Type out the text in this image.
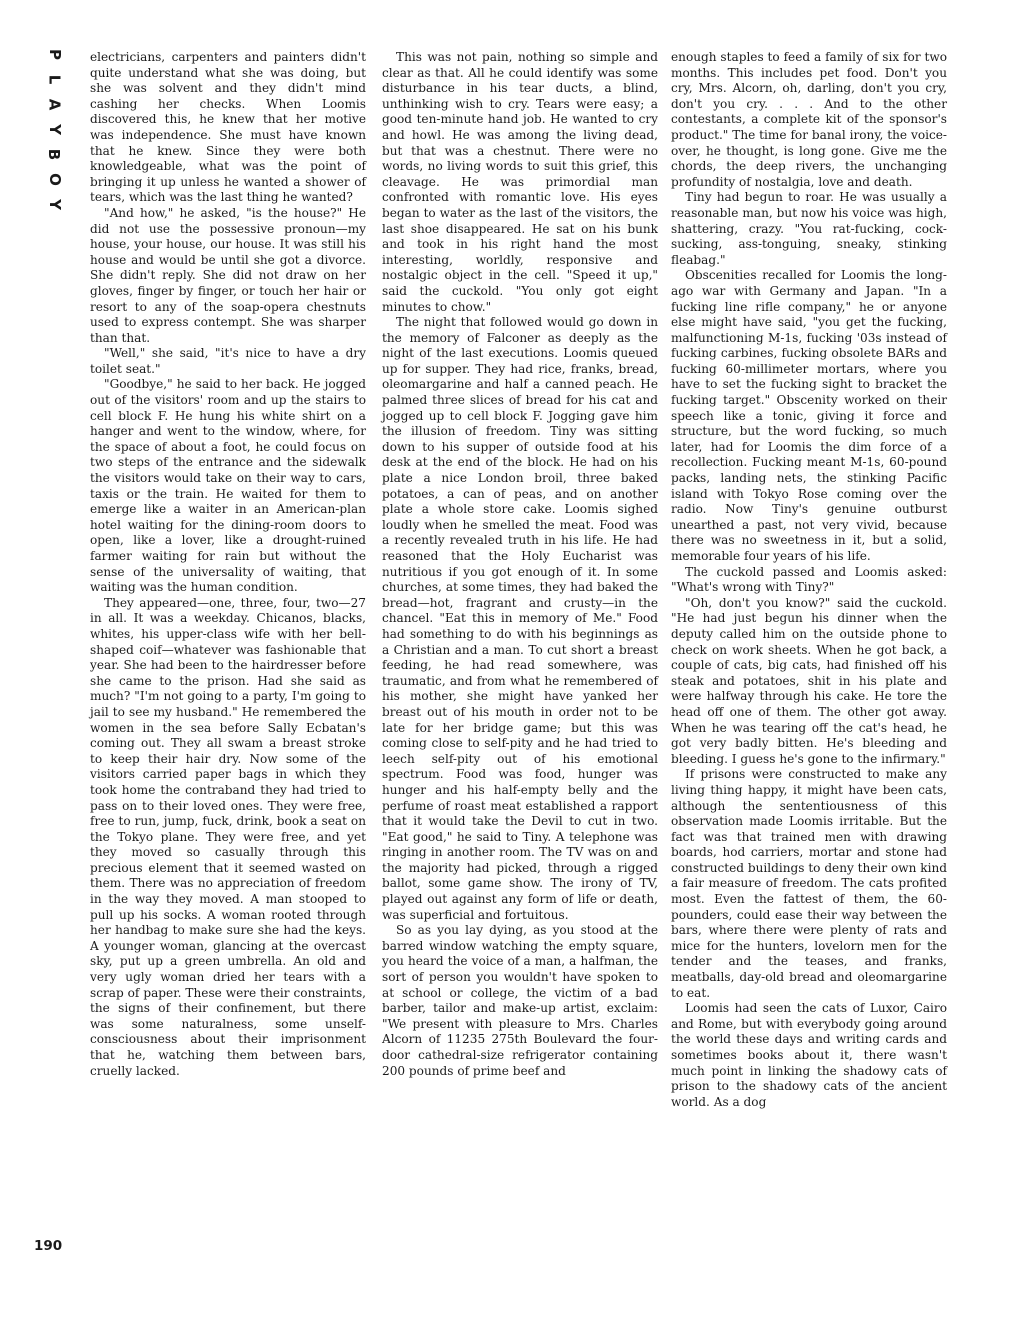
P
L
A
Y
B
O
Y
190

electricians, carpenters and painters didn't quite understand what she was doing, but she was solvent and they didn't mind cashing her checks. When Loomis discovered this, he knew that her motive was independence. She must have known that he knew. Since they were both knowledgeable, what was the point of bringing it up unless he wanted a shower of tears, which was the last thing he wanted?

"And how," he asked, "is the house?" He did not use the possessive pronoun—my house, your house, our house. It was still his house and would be until she got a divorce. She didn't reply. She did not draw on her gloves, finger by finger, or touch her hair or resort to any of the soap-opera chestnuts used to express contempt. She was sharper than that.

"Well," she said, "it's nice to have a dry toilet seat."

"Goodbye," he said to her back. He jogged out of the visitors' room and up the stairs to cell block F. He hung his white shirt on a hanger and went to the window, where, for the space of about a foot, he could focus on two steps of the entrance and the sidewalk the visitors would take on their way to cars, taxis or the train. He waited for them to emerge like a waiter in an American-plan hotel waiting for the dining-room doors to open, like a lover, like a drought-ruined farmer waiting for rain but without the sense of the universality of waiting, that waiting was the human condition.

They appeared—one, three, four, two—27 in all. It was a weekday. Chicanos, blacks, whites, his upper-class wife with her bell-shaped coif—whatever was fashionable that year. She had been to the hairdresser before she came to the prison. Had she said as much? "I'm not going to a party, I'm going to jail to see my husband." He remembered the women in the sea before Sally Ecbatan's coming out. They all swam a breast stroke to keep their hair dry. Now some of the visitors carried paper bags in which they took home the contraband they had tried to pass on to their loved ones. They were free, free to run, jump, fuck, drink, book a seat on the Tokyo plane. They were free, and yet they moved so casually through this precious element that it seemed wasted on them. There was no appreciation of freedom in the way they moved. A man stooped to pull up his socks. A woman rooted through her handbag to make sure she had the keys. A younger woman, glancing at the overcast sky, put up a green umbrella. An old and very ugly woman dried her tears with a scrap of paper. These were their constraints, the signs of their confinement, but there was some naturalness, some unself-consciousness about their imprisonment that he, watching them between bars, cruelly lacked.

This was not pain, nothing so simple and clear as that. All he could identify was some disturbance in his tear ducts, a blind, unthinking wish to cry. Tears were easy; a good ten-minute hand job. He wanted to cry and howl. He was among the living dead, but that was a chestnut. There were no words, no living words to suit this grief, this cleavage. He was primordial man confronted with romantic love. His eyes began to water as the last of the visitors, the last shoe disappeared. He sat on his bunk and took in his right hand the most interesting, worldly, responsive and nostalgic object in the cell. "Speed it up," said the cuckold. "You only got eight minutes to chow."

The night that followed would go down in the memory of Falconer as deeply as the night of the last executions. Loomis queued up for supper. They had rice, franks, bread, oleomargarine and half a canned peach. He palmed three slices of bread for his cat and jogged up to cell block F. Jogging gave him the illusion of freedom. Tiny was sitting down to his supper of outside food at his desk at the end of the block. He had on his plate a nice London broil, three baked potatoes, a can of peas, and on another plate a whole store cake. Loomis sighed loudly when he smelled the meat. Food was a recently revealed truth in his life. He had reasoned that the Holy Eucharist was nutritious if you got enough of it. In some churches, at some times, they had baked the bread—hot, fragrant and crusty—in the chancel. "Eat this in memory of Me." Food had something to do with his beginnings as a Christian and a man. To cut short a breast feeding, he had read somewhere, was traumatic, and from what he remembered of his mother, she might have yanked her breast out of his mouth in order not to be late for her bridge game; but this was coming close to self-pity and he had tried to leech self-pity out of his emotional spectrum. Food was food, hunger was hunger and his half-empty belly and the perfume of roast meat established a rapport that it would take the Devil to cut in two. "Eat good," he said to Tiny. A telephone was ringing in another room. The TV was on and the majority had picked, through a rigged ballot, some game show. The irony of TV, played out against any form of life or death, was superficial and fortuitous.

So as you lay dying, as you stood at the barred window watching the empty square, you heard the voice of a man, a halfman, the sort of person you wouldn't have spoken to at school or college, the victim of a bad barber, tailor and make-up artist, exclaim: "We present with pleasure to Mrs. Charles Alcorn of 11235 275th Boulevard the four-door cathedral-size refrigerator containing 200 pounds of prime beef and

enough staples to feed a family of six for two months. This includes pet food. Don't you cry, Mrs. Alcorn, oh, darling, don't you cry, don't you cry. . . . And to the other contestants, a complete kit of the sponsor's product." The time for banal irony, the voice-over, he thought, is long gone. Give me the chords, the deep rivers, the unchanging profundity of nostalgia, love and death.

Tiny had begun to roar. He was usually a reasonable man, but now his voice was high, shattering, crazy. "You rat-fucking, cock-sucking, ass-tonguing, sneaky, stinking fleabag."

Obscenities recalled for Loomis the long-ago war with Germany and Japan. "In a fucking line rifle company," he or anyone else might have said, "you get the fucking, malfunctioning M-1s, fucking '03s instead of fucking carbines, fucking obsolete BARs and fucking 60-millimeter mortars, where you have to set the fucking sight to bracket the fucking target." Obscenity worked on their speech like a tonic, giving it force and structure, but the word fucking, so much later, had for Loomis the dim force of a recollection. Fucking meant M-1s, 60-pound packs, landing nets, the stinking Pacific island with Tokyo Rose coming over the radio. Now Tiny's genuine outburst unearthed a past, not very vivid, because there was no sweetness in it, but a solid, memorable four years of his life.

The cuckold passed and Loomis asked: "What's wrong with Tiny?"

"Oh, don't you know?" said the cuckold. "He had just begun his dinner when the deputy called him on the outside phone to check on work sheets. When he got back, a couple of cats, big cats, had finished off his steak and potatoes, shit in his plate and were halfway through his cake. He tore the head off one of them. The other got away. When he was tearing off the cat's head, he got very badly bitten. He's bleeding and bleeding. I guess he's gone to the infirmary."

If prisons were constructed to make any living thing happy, it might have been cats, although the sententiousness of this observation made Loomis irritable. But the fact was that trained men with drawing boards, hod carriers, mortar and stone had constructed buildings to deny their own kind a fair measure of freedom. The cats profited most. Even the fattest of them, the 60-pounders, could ease their way between the bars, where there were plenty of rats and mice for the hunters, lovelorn men for the tender and the teases, and franks, meatballs, day-old bread and oleomargarine to eat.

Loomis had seen the cats of Luxor, Cairo and Rome, but with everybody going around the world these days and writing cards and sometimes books about it, there wasn't much point in linking the shadowy cats of prison to the shadowy cats of the ancient world. As a dog
